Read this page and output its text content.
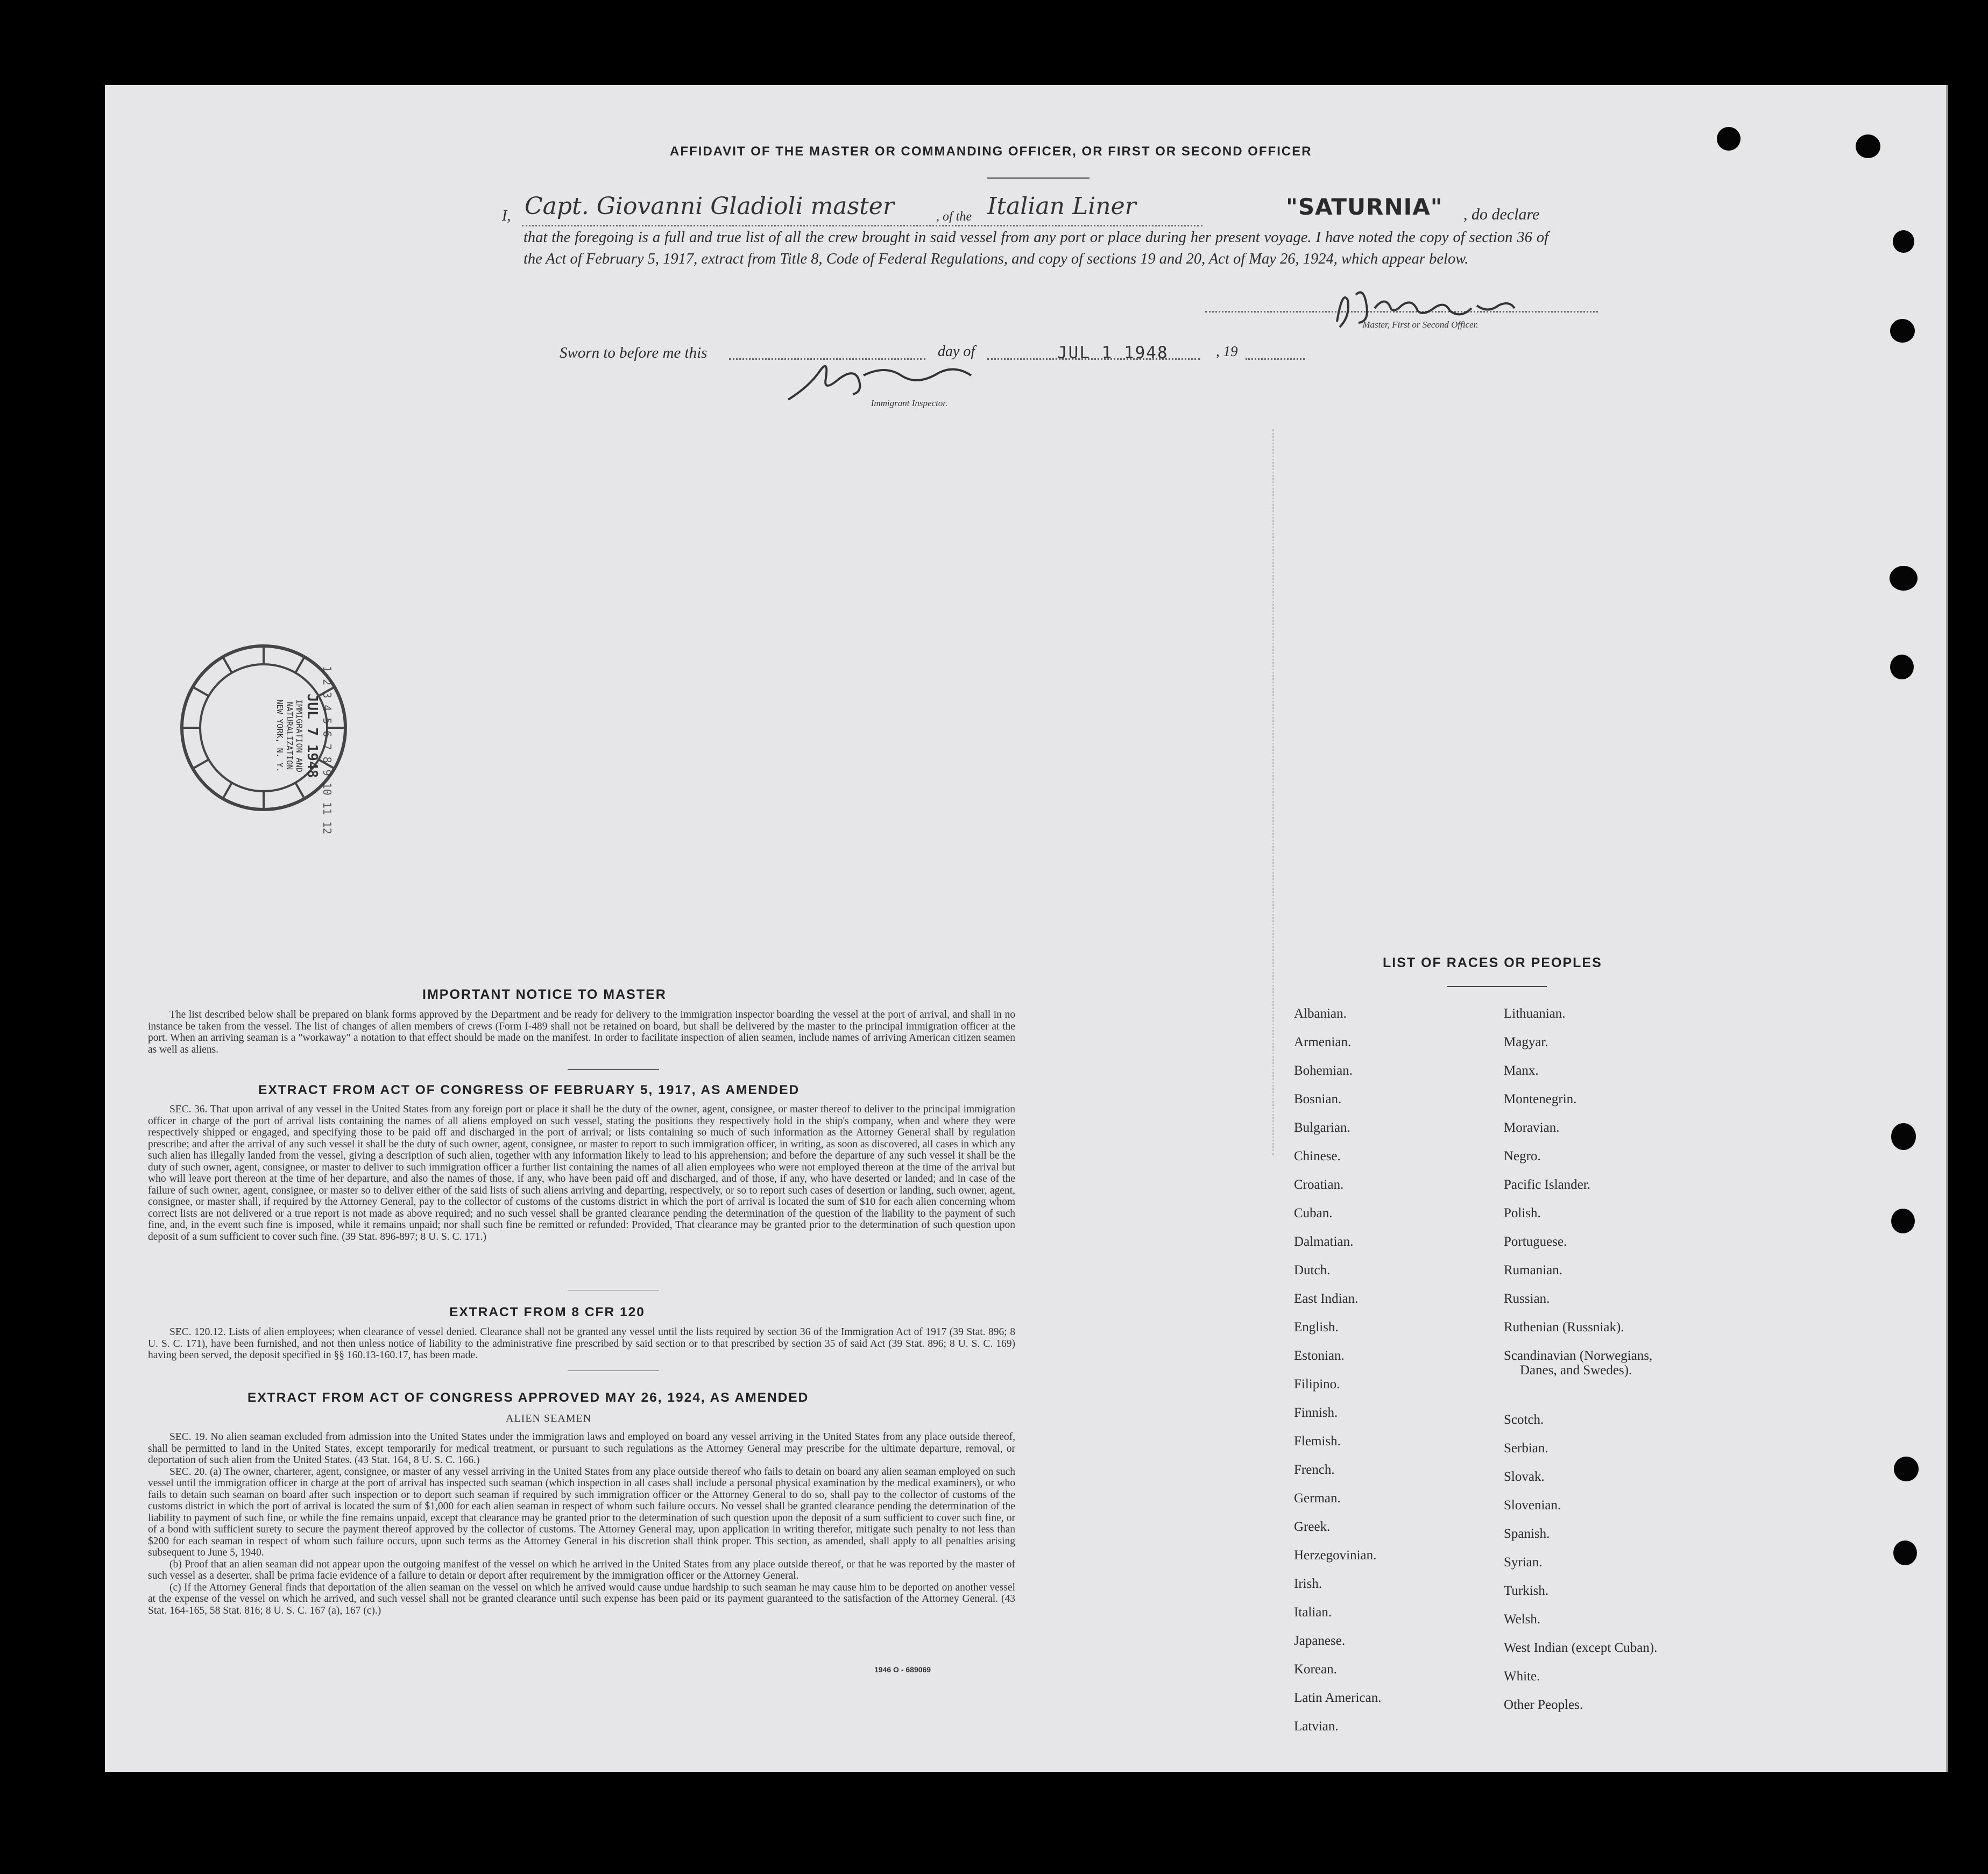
AFFIDAVIT OF THE MASTER OR COMMANDING OFFICER, OR FIRST OR SECOND OFFICER
I, Capt. Giovanni Gladioli master	, of the Italian Liner	"SATURNIA" , do declare
that the foregoing is a full and true list of all the crew brought in said vessel from any port or place during her present voyage. I have noted the copy of section 36 of the Act of February 5, 1917, extract from Title 8, Code of Federal Regulations, and copy of sections 19 and 20, Act of May 26, 1924, which appear below.
Master, First or Second Officer.
Sworn to before me this	day of	JUL 1 1948	, 19
Immigrant Inspector.
1 2 3 4 5 6 7 8 9 10 11 12
JUL 7 1948
IMMIGRATION AND
NATURALIZATION
NEW YORK, N. Y.
IMPORTANT NOTICE TO MASTER

The list described below shall be prepared on blank forms approved by the Department and be ready for delivery to the immigration inspector boarding the vessel at the port of arrival, and shall in no instance be taken from the vessel. The list of changes of alien members of crews (Form I-489 shall not be retained on board, but shall be delivered by the master to the principal immigration officer at the port. When an arriving seaman is a "workaway" a notation to that effect should be made on the manifest. In order to facilitate inspection of alien seamen, include names of arriving American citizen seamen as well as aliens.

EXTRACT FROM ACT OF CONGRESS OF FEBRUARY 5, 1917, AS AMENDED

SEC. 36. That upon arrival of any vessel in the United States from any foreign port or place it shall be the duty of the owner, agent, consignee, or master thereof to deliver to the principal immigration officer in charge of the port of arrival lists containing the names of all aliens employed on such vessel, stating the positions they respectively hold in the ship's company, when and where they were respectively shipped or engaged, and specifying those to be paid off and discharged in the port of arrival; or lists containing so much of such information as the Attorney General shall by regulation prescribe; and after the arrival of any such vessel it shall be the duty of such owner, agent, consignee, or master to report to such immigration officer, in writing, as soon as discovered, all cases in which any such alien has illegally landed from the vessel, giving a description of such alien, together with any information likely to lead to his apprehension; and before the departure of any such vessel it shall be the duty of such owner, agent, consignee, or master to deliver to such immigration officer a further list containing the names of all alien employees who were not employed thereon at the time of the arrival but who will leave port thereon at the time of her departure, and also the names of those, if any, who have been paid off and discharged, and of those, if any, who have deserted or landed; and in case of the failure of such owner, agent, consignee, or master so to deliver either of the said lists of such aliens arriving and departing, respectively, or so to report such cases of desertion or landing, such owner, agent, consignee, or master shall, if required by the Attorney General, pay to the collector of customs of the customs district in which the port of arrival is located the sum of $10 for each alien concerning whom correct lists are not delivered or a true report is not made as above required; and no such vessel shall be granted clearance pending the determination of the question of the liability to the payment of such fine, and, in the event such fine is imposed, while it remains unpaid; nor shall such fine be remitted or refunded: Provided, That clearance may be granted prior to the determination of such question upon deposit of a sum sufficient to cover such fine. (39 Stat. 896-897; 8 U. S. C. 171.)

EXTRACT FROM 8 CFR 120

SEC. 120.12. Lists of alien employees; when clearance of vessel denied. Clearance shall not be granted any vessel until the lists required by section 36 of the Immigration Act of 1917 (39 Stat. 896; 8 U. S. C. 171), have been furnished, and not then unless notice of liability to the administrative fine prescribed by said section or to that prescribed by section 35 of said Act (39 Stat. 896; 8 U. S. C. 169) having been served, the deposit specified in §§ 160.13-160.17, has been made.

EXTRACT FROM ACT OF CONGRESS APPROVED MAY 26, 1924, AS AMENDED
ALIEN SEAMEN

SEC. 19. No alien seaman excluded from admission into the United States under the immigration laws and employed on board any vessel arriving in the United States from any place outside thereof, shall be permitted to land in the United States, except temporarily for medical treatment, or pursuant to such regulations as the Attorney General may prescribe for the ultimate departure, removal, or deportation of such alien from the United States. (43 Stat. 164, 8 U. S. C. 166.)

SEC. 20. (a) The owner, charterer, agent, consignee, or master of any vessel arriving in the United States from any place outside thereof who fails to detain on board any alien seaman employed on such vessel until the immigration officer in charge at the port of arrival has inspected such seaman (which inspection in all cases shall include a personal physical examination by the medical examiners), or who fails to detain such seaman on board after such inspection or to deport such seaman if required by such immigration officer or the Attorney General to do so, shall pay to the collector of customs of the customs district in which the port of arrival is located the sum of $1,000 for each alien seaman in respect of whom such failure occurs. No vessel shall be granted clearance pending the determination of the liability to payment of such fine, or while the fine remains unpaid, except that clearance may be granted prior to the determination of such question upon the deposit of a sum sufficient to cover such fine, or of a bond with sufficient surety to secure the payment thereof approved by the collector of customs. The Attorney General may, upon application in writing therefor, mitigate such penalty to not less than $200 for each seaman in respect of whom such failure occurs, upon such terms as the Attorney General in his discretion shall think proper. This section, as amended, shall apply to all penalties arising subsequent to June 5, 1940.

(b) Proof that an alien seaman did not appear upon the outgoing manifest of the vessel on which he arrived in the United States from any place outside thereof, or that he was reported by the master of such vessel as a deserter, shall be prima facie evidence of a failure to detain or deport after requirement by the immigration officer or the Attorney General.

(c) If the Attorney General finds that deportation of the alien seaman on the vessel on which he arrived would cause undue hardship to such seaman he may cause him to be deported on another vessel at the expense of the vessel on which he arrived, and such vessel shall not be granted clearance until such expense has been paid or its payment guaranteed to the satisfaction of the Attorney General. (43 Stat. 164-165, 58 Stat. 816; 8 U. S. C. 167 (a), 167 (c).)

1946 O - 689069
LIST OF RACES OR PEOPLES
Albanian.
Armenian.
Bohemian.
Bosnian.
Bulgarian.
Chinese.
Croatian.
Cuban.
Dalmatian.
Dutch.
East Indian.
English.
Estonian.
Filipino.
Finnish.
Flemish.
French.
German.
Greek.
Herzegovinian.
Irish.
Italian.
Japanese.
Korean.
Latin American.
Latvian.
Lithuanian.
Magyar.
Manx.
Montenegrin.
Moravian.
Negro.
Pacific Islander.
Polish.
Portuguese.
Rumanian.
Russian.
Ruthenian (Russniak).
Scandinavian (Norwegians,
Danes, and Swedes).
Scotch.
Serbian.
Slovak.
Slovenian.
Spanish.
Syrian.
Turkish.
Welsh.
West Indian (except Cuban).
White.
Other Peoples.
